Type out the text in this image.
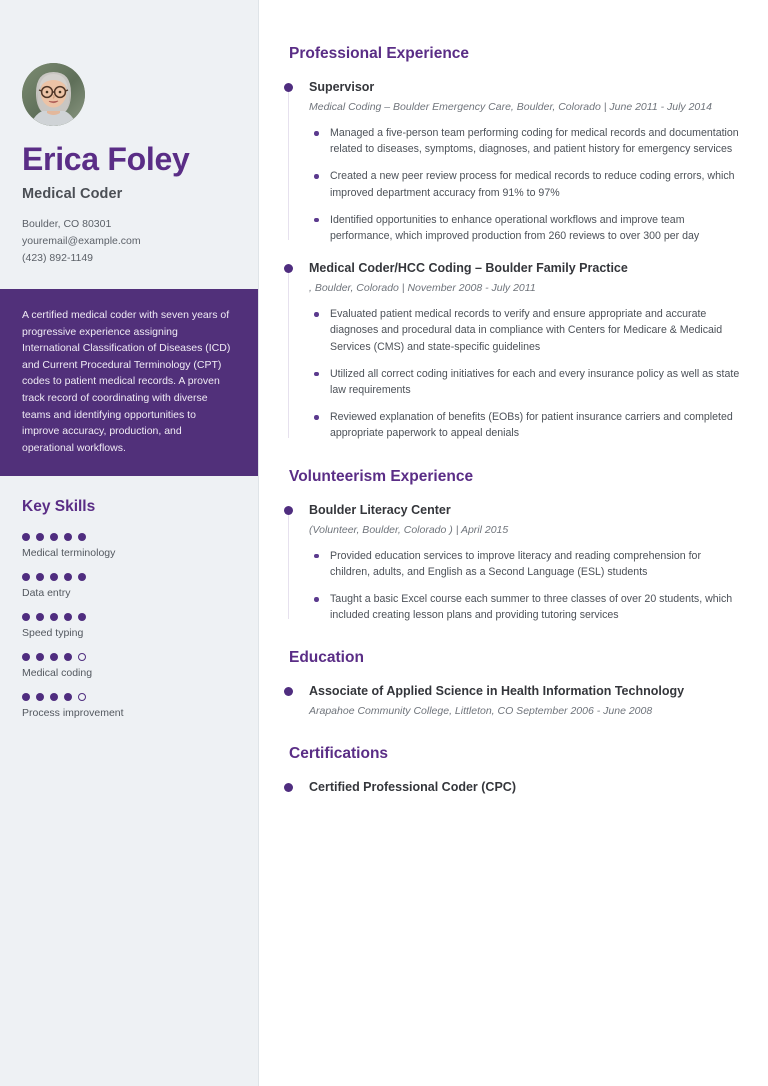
Erica Foley
Medical Coder
Boulder, CO 80301
youremail@example.com
(423) 892-1149
A certified medical coder with seven years of progressive experience assigning International Classification of Diseases (ICD) and Current Procedural Terminology (CPT) codes to patient medical records. A proven track record of coordinating with diverse teams and identifying opportunities to improve accuracy, production, and operational workflows.
Key Skills
Medical terminology
Data entry
Speed typing
Medical coding
Process improvement
Professional Experience
Supervisor
Medical Coding – Boulder Emergency Care, Boulder, Colorado | June 2011 - July 2014
Managed a five-person team performing coding for medical records and documentation related to diseases, symptoms, diagnoses, and patient history for emergency services
Created a new peer review process for medical records to reduce coding errors, which improved department accuracy from 91% to 97%
Identified opportunities to enhance operational workflows and improve team performance, which improved production from 260 reviews to over 300 per day
Medical Coder/HCC Coding – Boulder Family Practice
, Boulder, Colorado | November 2008 - July 2011
Evaluated patient medical records to verify and ensure appropriate and accurate diagnoses and procedural data in compliance with Centers for Medicare & Medicaid Services (CMS) and state-specific guidelines
Utilized all correct coding initiatives for each and every insurance policy as well as state law requirements
Reviewed explanation of benefits (EOBs) for patient insurance carriers and completed appropriate paperwork to appeal denials
Volunteerism Experience
Boulder Literacy Center
(Volunteer, Boulder, Colorado ) | April 2015
Provided education services to improve literacy and reading comprehension for children, adults, and English as a Second Language (ESL) students
Taught a basic Excel course each summer to three classes of over 20 students, which included creating lesson plans and providing tutoring services
Education
Associate of Applied Science in Health Information Technology
Arapahoe Community College, Littleton, CO September 2006 - June 2008
Certifications
Certified Professional Coder (CPC)
